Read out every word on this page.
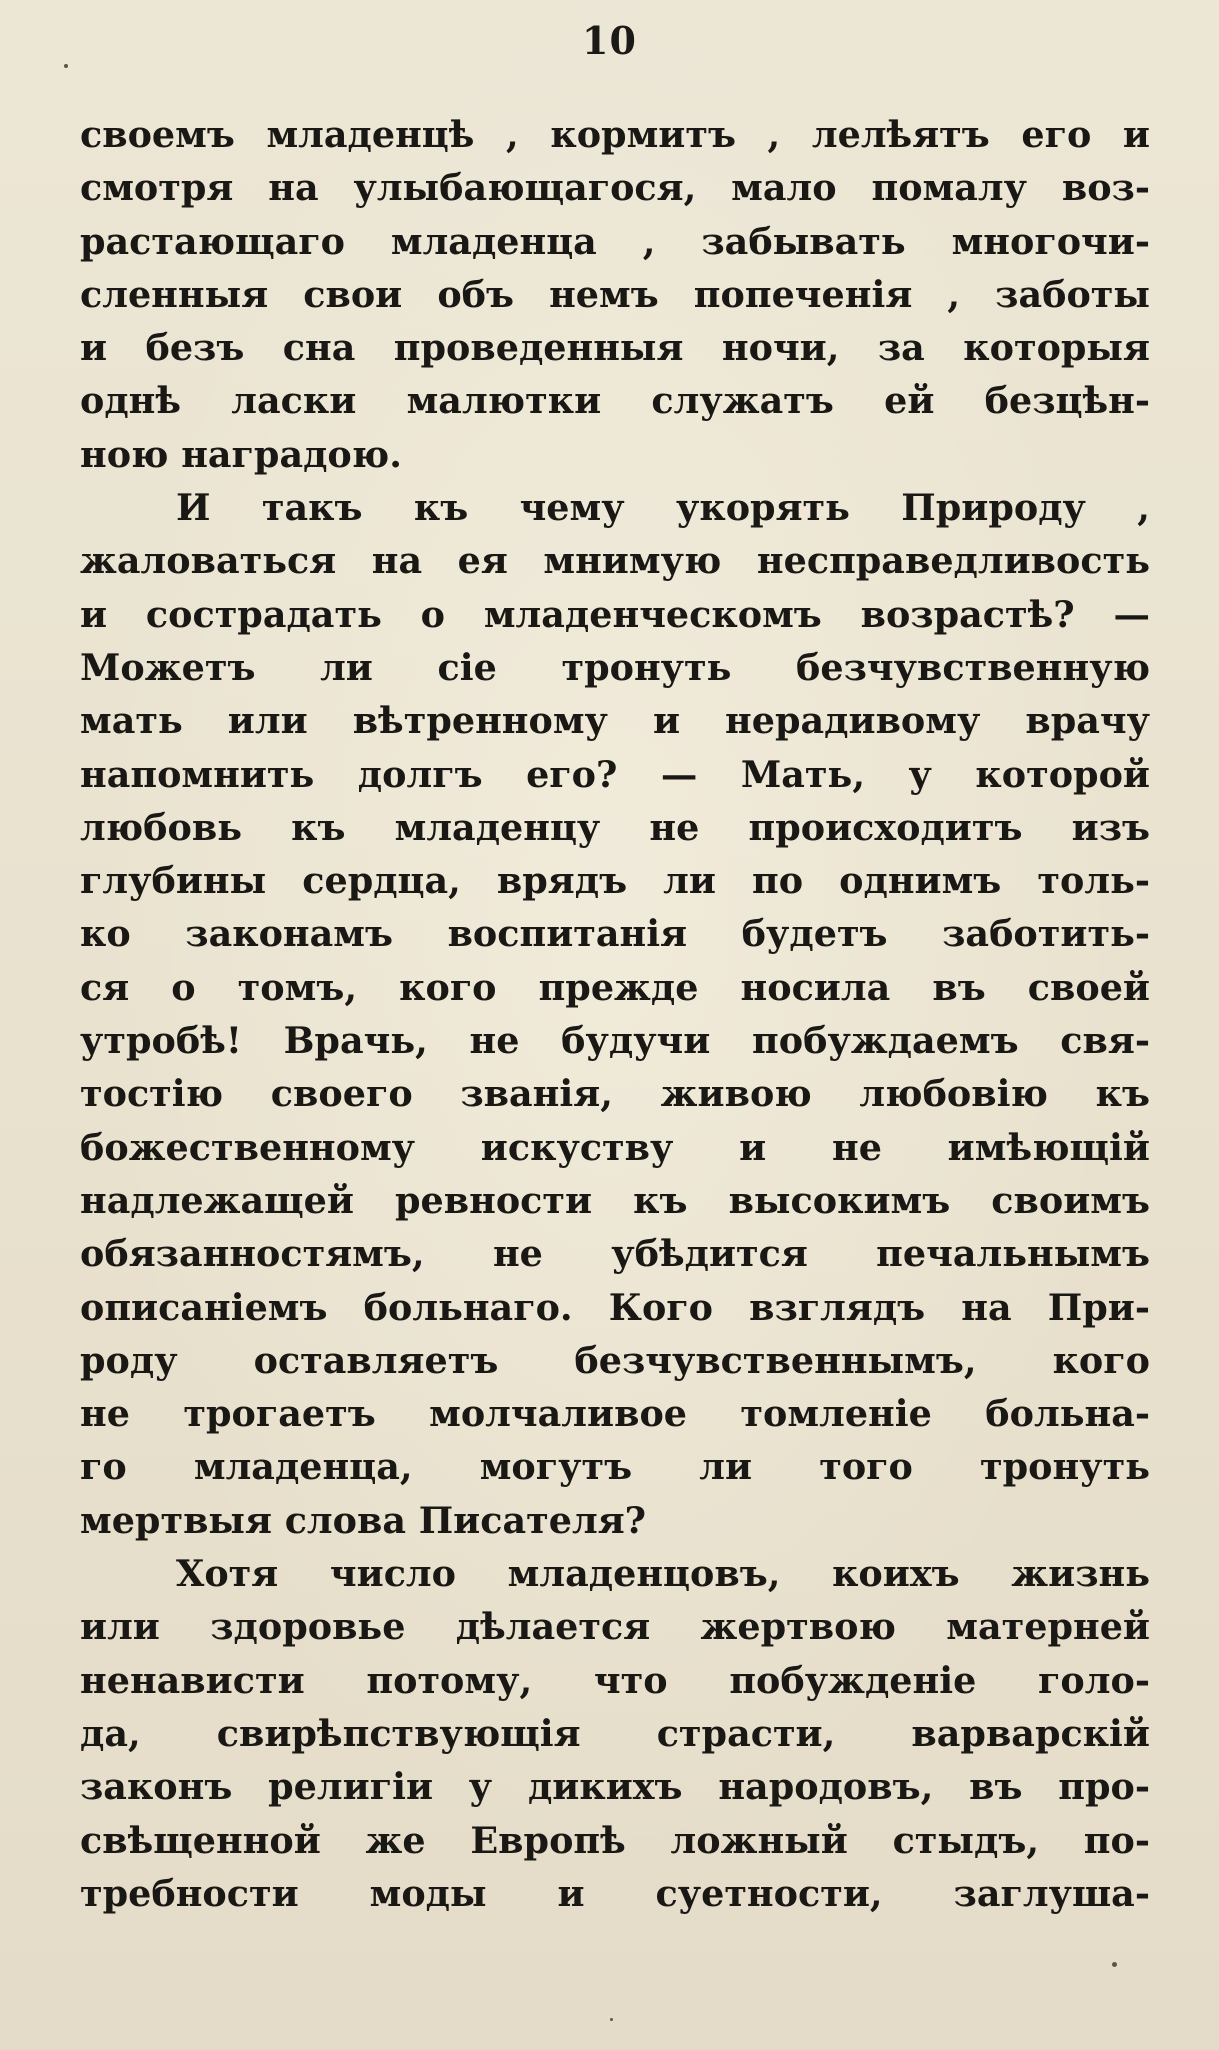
10
своемъ младенцѣ , кормитъ , лелѣятъ его и
смотря на улыбающагося, мало помалу воз-
растающаго младенца , забывать многочи-
сленныя свои объ немъ попеченія , заботы
и безъ сна проведенныя ночи, за которыя
однѣ ласки малютки служатъ ей безцѣн-
ною наградою.
И такъ къ чему укорять Природу ,
жаловаться на ея мнимую несправедливость
и сострадать о младенческомъ возрастѣ? —
Можетъ ли сіе тронуть безчувственную
мать или вѣтренному и нерадивому врачу
напомнить долгъ его? — Мать, у которой
любовь къ младенцу не происходитъ изъ
глубины сердца, врядъ ли по однимъ толь-
ко законамъ воспитанія будетъ заботить-
ся о томъ, кого прежде носила въ своей
утробѣ! Врачь, не будучи побуждаемъ свя-
тостію своего званія, живою любовію къ
божественному искуству и не имѣющій
надлежащей ревности къ высокимъ своимъ
обязанностямъ, не убѣдится печальнымъ
описаніемъ больнаго. Кого взглядъ на При-
роду оставляетъ безчувственнымъ, кого
не трогаетъ молчаливое томленіе больна-
го младенца, могутъ ли того тронуть
мертвыя слова Писателя?
Хотя число младенцовъ, коихъ жизнь
или здоровье дѣлается жертвою матерней
ненависти потому, что побужденіе голо-
да, свирѣпствующія страсти, варварскій
законъ религіи у дикихъ народовъ, въ про-
свѣщенной же Европѣ ложный стыдъ, по-
требности моды и суетности, заглуша-
